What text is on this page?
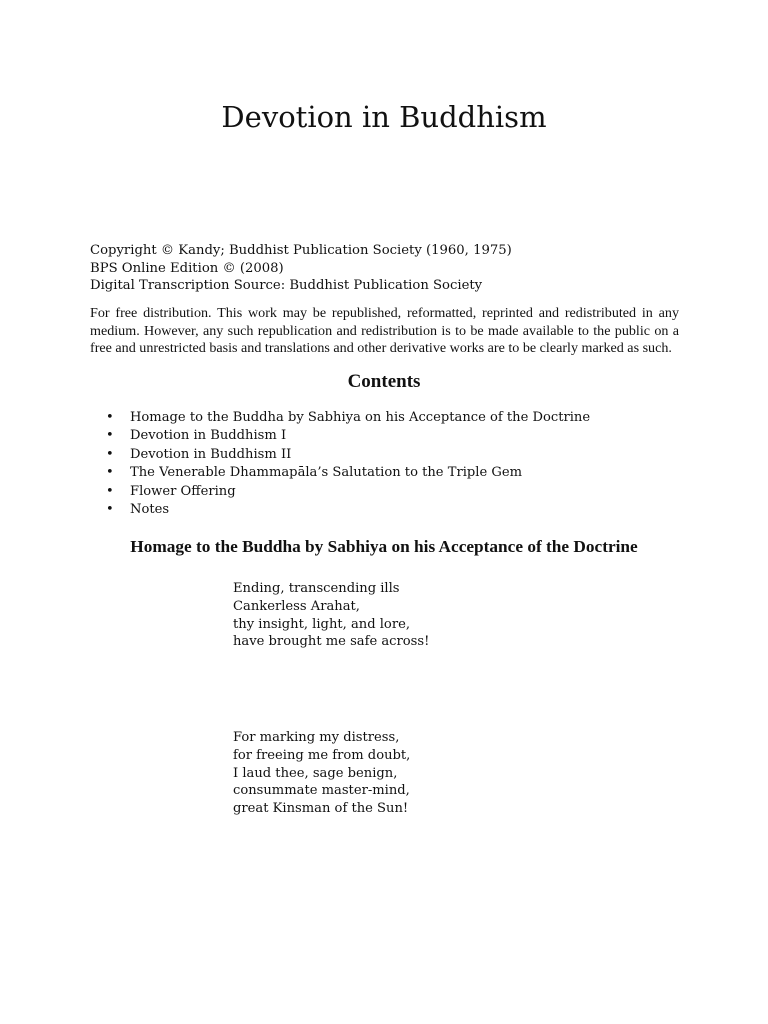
Devotion in Buddhism
Copyright © Kandy; Buddhist Publication Society (1960, 1975)
BPS Online Edition © (2008)
Digital Transcription Source: Buddhist Publication Society

For free distribution. This work may be republished, reformatted, reprinted and redistributed in any medium. However, any such republication and redistribution is to be made available to the public on a free and unrestricted basis and translations and other derivative works are to be clearly marked as such.

Contents
• Homage to the Buddha by Sabhiya on his Acceptance of the Doctrine
• Devotion in Buddhism I
• Devotion in Buddhism II
• The Venerable Dhammapāla’s Salutation to the Triple Gem
• Flower Offering
• Notes
Homage to the Buddha by Sabhiya on his Acceptance of the Doctrine
Ending, transcending ills
Cankerless Arahat,
thy insight, light, and lore,
have brought me safe across!
For marking my distress,
for freeing me from doubt,
I laud thee, sage benign,
consummate master-mind,
great Kinsman of the Sun!
